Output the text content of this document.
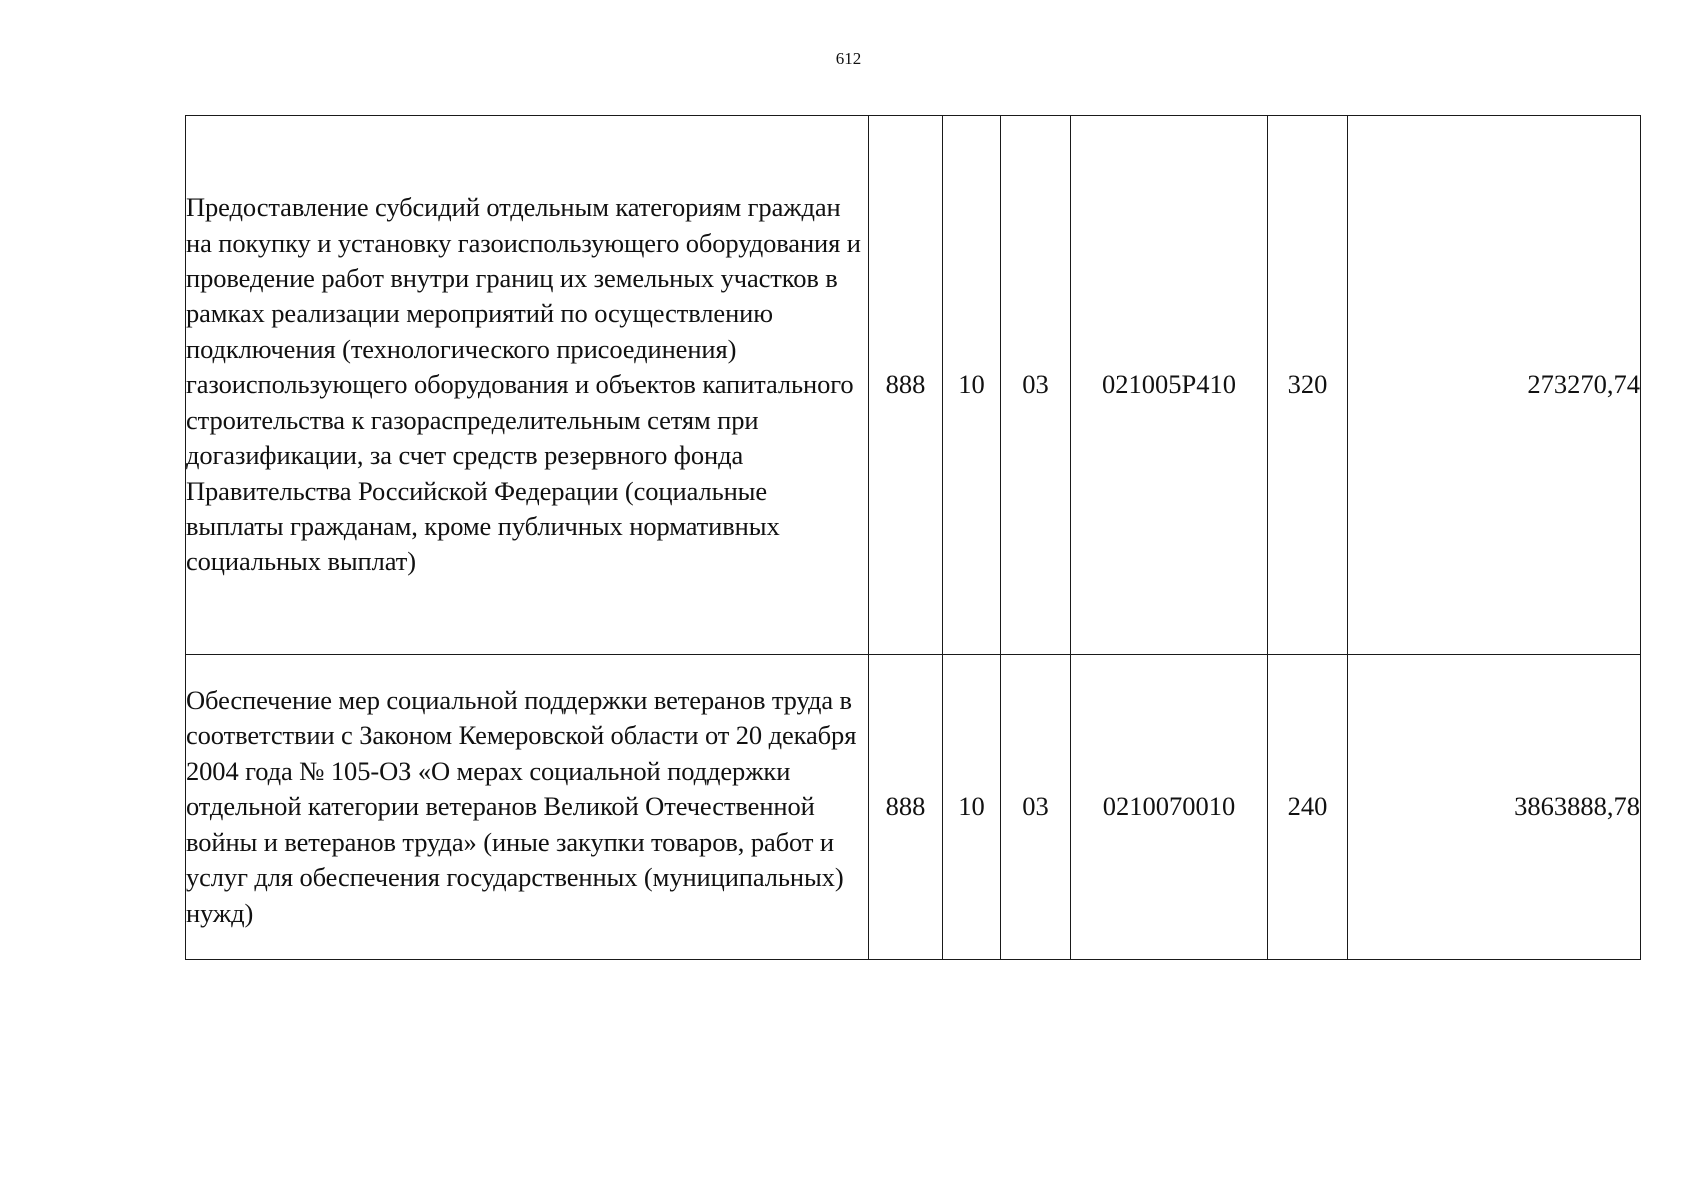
612
Предоставление субсидий отдельным категориям граждан на покупку и установку газоиспользующего оборудования и проведение работ внутри границ их земельных участков в рамках реализации мероприятий по осуществлению подключения (технологического присоединения) газоиспользующего оборудования и объектов капитального строительства к газораспределительным сетям при догазификации, за счет средств резервного фонда Правительства Российской Федерации (социальные выплаты гражданам, кроме публичных нормативных социальных выплат)	888	10	03	021005Р410	320	273270,74
Обеспечение мер социальной поддержки ветеранов труда в соответствии с Законом Кемеровской области от 20 декабря 2004 года № 105-ОЗ «О мерах социальной поддержки отдельной категории ветеранов Великой Отечественной войны и ветеранов труда» (иные закупки товаров, работ и услуг для обеспечения государственных (муниципальных) нужд)	888	10	03	0210070010	240	3863888,78
